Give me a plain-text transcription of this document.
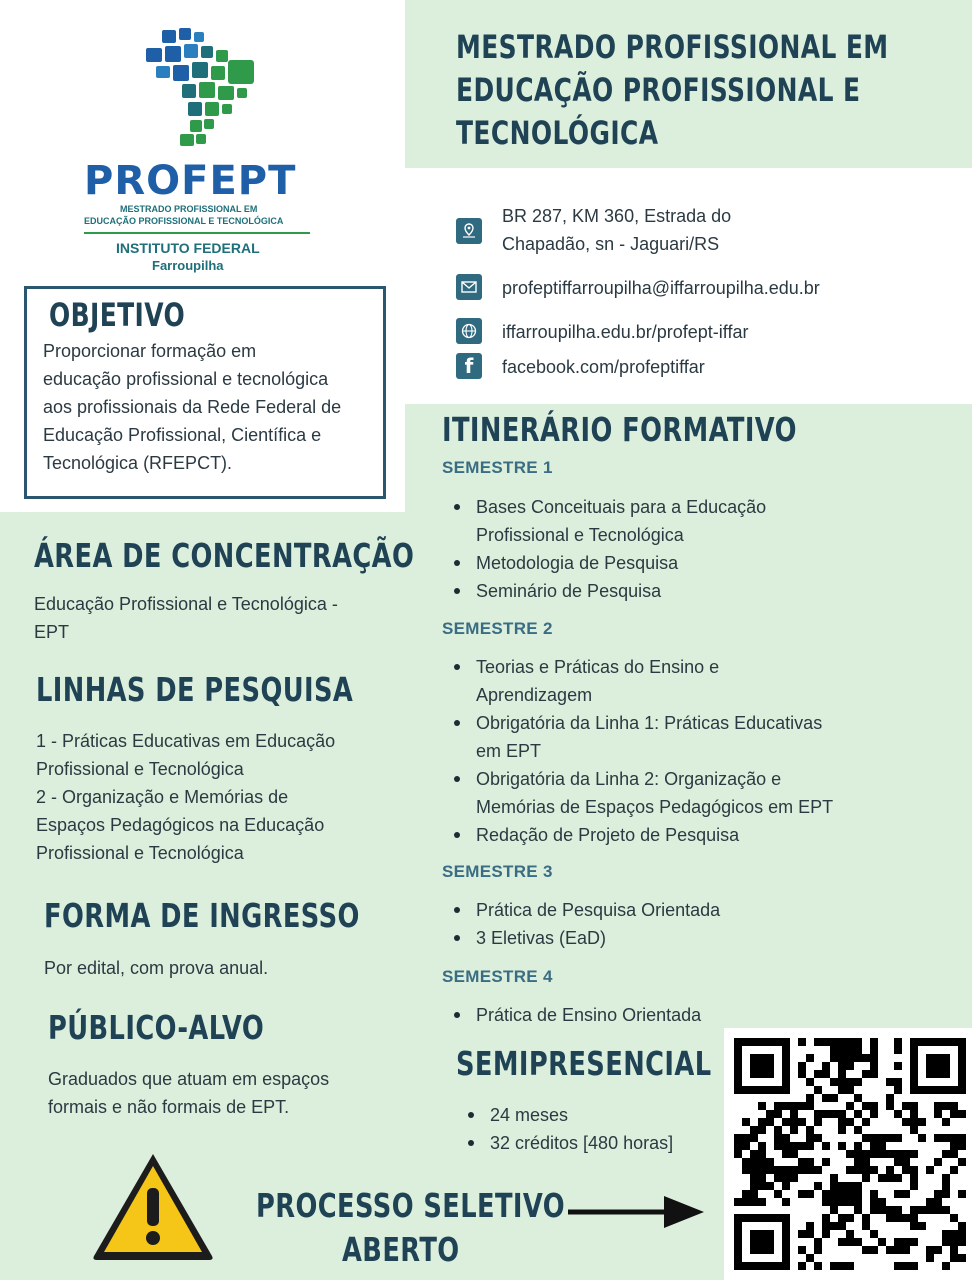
PROFEPT
MESTRADO PROFISSIONAL EM
EDUCAÇÃO PROFISSIONAL E TECNOLÓGICA
INSTITUTO FEDERAL
Farroupilha
MESTRADO PROFISSIONAL EM
EDUCAÇÃO PROFISSIONAL E
TECNOLÓGICA
BR 287, KM 360, Estrada do
Chapadão, sn - Jaguari/RS
profeptiffarroupilha@iffarroupilha.edu.br
iffarroupilha.edu.br/profept-iffar
f facebook.com/profeptiffar
OBJETIVO
Proporcionar formação em
educação profissional e tecnológica
aos profissionais da Rede Federal de
Educação Profissional, Científica e
Tecnológica (RFEPCT).
ÁREA DE CONCENTRAÇÃO
Educação Profissional e Tecnológica -
EPT
LINHAS DE PESQUISA
1 - Práticas Educativas em Educação
Profissional e Tecnológica
2 - Organização e Memórias de
Espaços Pedagógicos na Educação
Profissional e Tecnológica
FORMA DE INGRESSO
Por edital, com prova anual.
PÚBLICO-ALVO
Graduados que atuam em espaços
formais e não formais de EPT.
ITINERÁRIO FORMATIVO
SEMESTRE 1
Bases Conceituais para a Educação
Profissional e Tecnológica
Metodologia de Pesquisa
Seminário de Pesquisa
SEMESTRE 2
Teorias e Práticas do Ensino e
Aprendizagem
Obrigatória da Linha 1: Práticas Educativas
em EPT
Obrigatória da Linha 2: Organização e
Memórias de Espaços Pedagógicos em EPT
Redação de Projeto de Pesquisa
SEMESTRE 3
Prática de Pesquisa Orientada
3 Eletivas (EaD)
SEMESTRE 4
Prática de Ensino Orientada
SEMIPRESENCIAL
24 meses
32 créditos [480 horas]
PROCESSO SELETIVO
ABERTO
